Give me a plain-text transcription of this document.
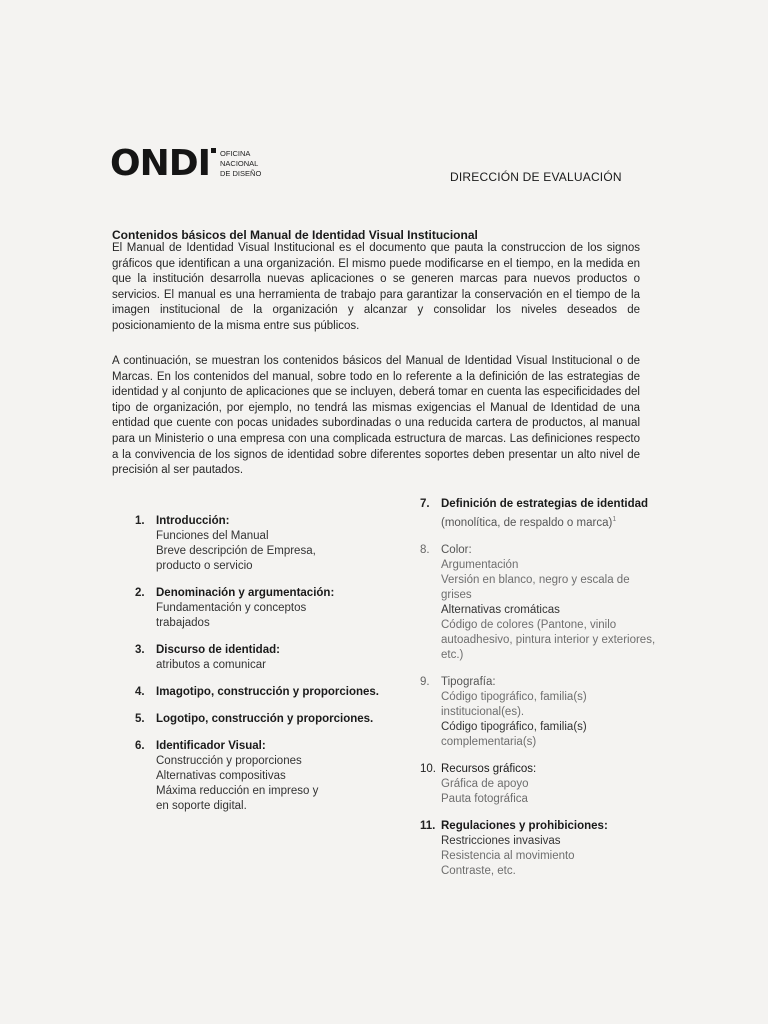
ONDI OFICINA
NACIONAL
DE DISEÑO	DIRECCIÓN DE EVALUACIÓN
Contenidos básicos del Manual de Identidad Visual Institucional

El Manual de Identidad Visual Institucional es el documento que pauta la construccion de los signos gráficos que identifican a una organización. El mismo puede modificarse en el tiempo, en la medida en que la institución desarrolla nuevas aplicaciones o se generen marcas para nuevos productos o servicios. El manual es una herramienta de trabajo para garantizar la conservación en el tiempo de la imagen institucional de la organización y alcanzar y consolidar los niveles deseados de posicionamiento de la misma entre sus públicos.

A continuación, se muestran los contenidos básicos del Manual de Identidad Visual Institucional o de Marcas. En los contenidos del manual, sobre todo en lo referente a la definición de las estrategias de identidad y al conjunto de aplicaciones que se incluyen, deberá tomar en cuenta las especificidades del tipo de organización, por ejemplo, no tendrá las mismas exigencias el Manual de Identidad de una entidad que cuente con pocas unidades subordinadas o una reducida cartera de productos, al manual para un Ministerio o una empresa con una complicada estructura de marcas. Las definiciones respecto a la convivencia de los signos de identidad sobre diferentes soportes deben presentar un alto nivel de precisión al ser pautados.

1. Introducción:
Funciones del Manual
Breve descripción de Empresa,
producto o servicio
2. Denominación y argumentación:
Fundamentación y conceptos
trabajados
3. Discurso de identidad:
atributos a comunicar
4. Imagotipo, construcción y proporciones.
5. Logotipo, construcción y proporciones.
6. Identificador Visual:
Construcción y proporciones
Alternativas compositivas
Máxima reducción en impreso y
en soporte digital.
7. Definición de estrategias de identidad (monolítica, de respaldo o marca)$^1$
8. Color:
Argumentación
Versión en blanco, negro y escala de grises
Alternativas cromáticas
Código de colores (Pantone, vinilo autoadhesivo, pintura interior y exteriores, etc.)
9. Tipografía:
Código tipográfico, familia(s) institucional(es).
Código tipográfico, familia(s)
complementaria(s)
10. Recursos gráficos:
Gráfica de apoyo
Pauta fotográfica
11. Regulaciones y prohibiciones:
Restricciones invasivas
Resistencia al movimiento
Contraste, etc.
